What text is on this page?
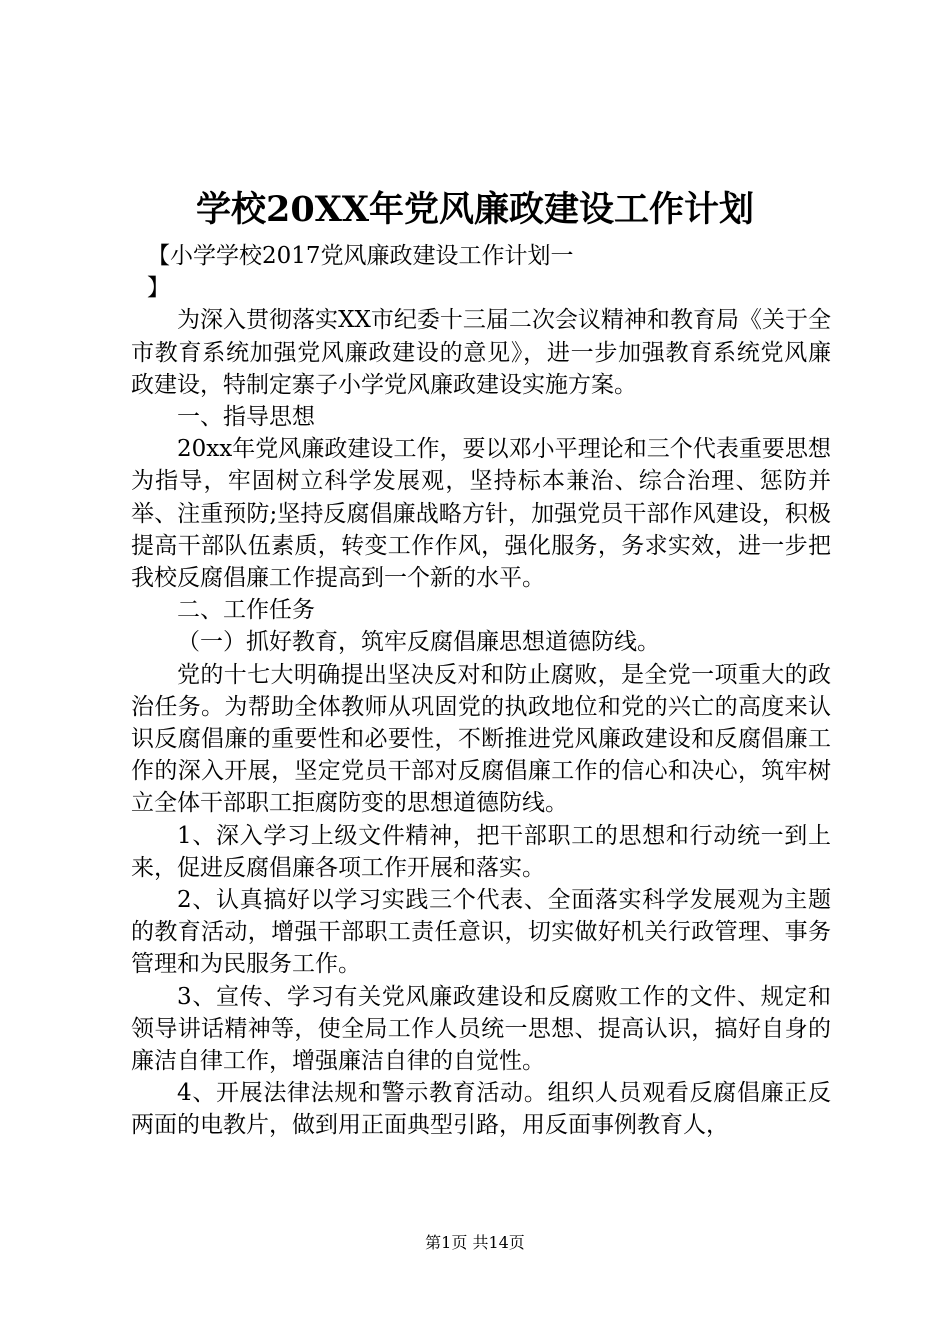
学校20XX年党风廉政建设工作计划

【小学学校2017党风廉政建设工作计划一

】

为深入贯彻落实XX市纪委十三届二次会议精神和教育局《关于全市教育系统加强党风廉政建设的意见》，进一步加强教育系统党风廉政建设，特制定寨子小学党风廉政建设实施方案。

一、指导思想

20xx年党风廉政建设工作，要以邓小平理论和三个代表重要思想为指导，牢固树立科学发展观，坚持标本兼治、综合治理、惩防并举、注重预防;坚持反腐倡廉战略方针，加强党员干部作风建设，积极提高干部队伍素质，转变工作作风，强化服务，务求实效，进一步把我校反腐倡廉工作提高到一个新的水平。

二、工作任务

（一）抓好教育，筑牢反腐倡廉思想道德防线。

党的十七大明确提出坚决反对和防止腐败，是全党一项重大的政治任务。为帮助全体教师从巩固党的执政地位和党的兴亡的高度来认识反腐倡廉的重要性和必要性，不断推进党风廉政建设和反腐倡廉工作的深入开展，坚定党员干部对反腐倡廉工作的信心和决心，筑牢树立全体干部职工拒腐防变的思想道德防线。

1、深入学习上级文件精神，把干部职工的思想和行动统一到上来，促进反腐倡廉各项工作开展和落实。

2、认真搞好以学习实践三个代表、全面落实科学发展观为主题的教育活动，增强干部职工责任意识，切实做好机关行政管理、事务管理和为民服务工作。

3、宣传、学习有关党风廉政建设和反腐败工作的文件、规定和领导讲话精神等，使全局工作人员统一思想、提高认识，搞好自身的廉洁自律工作，增强廉洁自律的自觉性。

4、开展法律法规和警示教育活动。组织人员观看反腐倡廉正反两面的电教片，做到用正面典型引路，用反面事例教育人，

第1页 共14页
